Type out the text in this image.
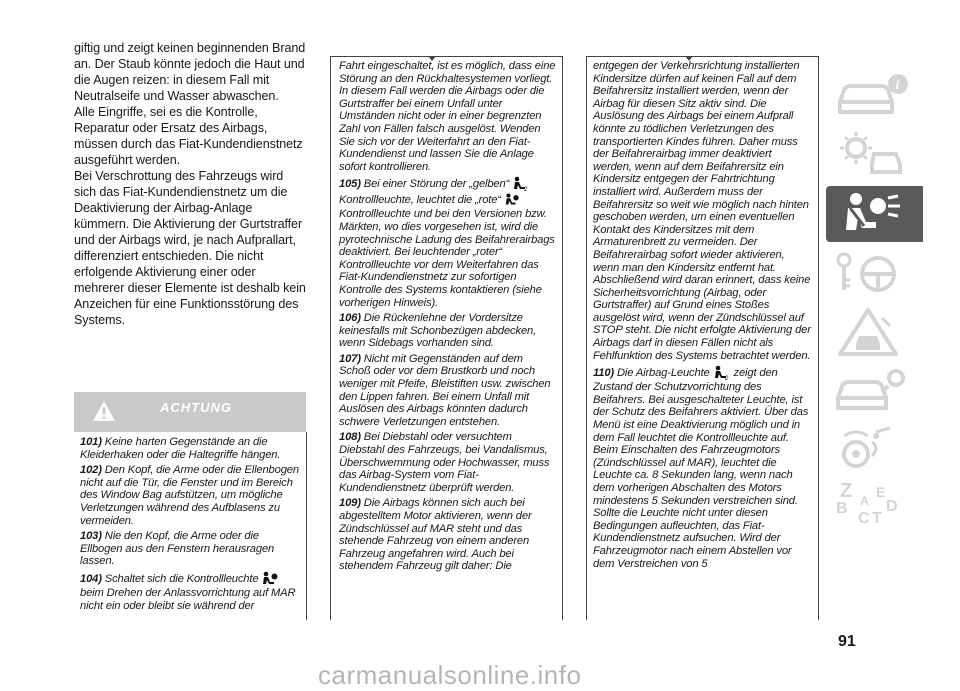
giftig und zeigt keinen beginnenden Brand an. Der Staub könnte jedoch die Haut und die Augen reizen: in diesem Fall mit Neutralseife und Wasser abwaschen.

Alle Eingriffe, sei es die Kontrolle, Reparatur oder Ersatz des Airbags, müssen durch das Fiat-Kundendienstnetz ausgeführt werden.

Bei Verschrottung des Fahrzeugs wird sich das Fiat-Kundendienstnetz um die Deaktivierung der Airbag-Anlage kümmern. Die Aktivierung der Gurtstraffer und der Airbags wird, je nach Aufprallart, differenziert entschieden. Die nicht erfolgende Aktivierung einer oder mehrerer dieser Elemente ist deshalb kein Anzeichen für eine Funktionsstörung des Systems.

ACHTUNG

101) Keine harten Gegenstände an die Kleiderhaken oder die Haltegriffe hängen.

102) Den Kopf, die Arme oder die Ellenbogen nicht auf die Tür, die Fenster und im Bereich des Window Bag aufstützen, um mögliche Verletzungen während des Aufblasens zu vermeiden.

103) Nie den Kopf, die Arme oder die Ellbogen aus den Fenstern herausragen lassen.

104) Schaltet sich die Kontrollleuchte  beim Drehen der Anlassvorrichtung auf MAR nicht ein oder bleibt sie während der

Fahrt eingeschaltet, ist es möglich, dass eine Störung an den Rückhaltesystemen vorliegt. In diesem Fall werden die Airbags oder die Gurtstraffer bei einem Unfall unter Umständen nicht oder in einer begrenzten Zahl von Fällen falsch ausgelöst. Wenden Sie sich vor der Weiterfahrt an den Fiat-Kundendienst und lassen Sie die Anlage sofort kontrollieren.

105) Bei einer Störung der „gelben“
2

Kontrollleuchte, leuchtet die „rote“  Kontrollleuchte und bei den Versionen bzw. Märkten, wo dies vorgesehen ist, wird die pyrotechnische Ladung des Beifahrerairbags deaktiviert. Bei leuchtender „roter“ Kontrollleuchte vor dem Weiterfahren das Fiat-Kundendienstnetz zur sofortigen Kontrolle des Systems kontaktieren (siehe vorherigen Hinweis).

106) Die Rückenlehne der Vordersitze keinesfalls mit Schonbezügen abdecken, wenn Sidebags vorhanden sind.

107) Nicht mit Gegenständen auf dem Schoß oder vor dem Brustkorb und noch weniger mit Pfeife, Bleistiften usw. zwischen den Lippen fahren. Bei einem Unfall mit Auslösen des Airbags könnten dadurch schwere Verletzungen entstehen.

108) Bei Diebstahl oder versuchtem Diebstahl des Fahrzeugs, bei Vandalismus, Überschwemmung oder Hochwasser, muss das Airbag-System vom Fiat-Kundendienstnetz überprüft werden.

109) Die Airbags können sich auch bei abgestelltem Motor aktivieren, wenn der Zündschlüssel auf MAR steht und das stehende Fahrzeug von einem anderen Fahrzeug angefahren wird. Auch bei stehendem Fahrzeug gilt daher: Die

entgegen der Verkehrsrichtung installierten Kindersitze dürfen auf keinen Fall auf dem Beifahrersitz installiert werden, wenn der Airbag für diesen Sitz aktiv sind. Die Auslösung des Airbags bei einem Aufprall könnte zu tödlichen Verletzungen des transportierten Kindes führen. Daher muss der Beifahrerairbag immer deaktiviert werden, wenn auf dem Beifahrersitz ein Kindersitz entgegen der Fahrtrichtung installiert wird. Außerdem muss der Beifahrersitz so weit wie möglich nach hinten geschoben werden, um einen eventuellen Kontakt des Kindersitzes mit dem Armaturenbrett zu vermeiden. Der Beifahrerairbag sofort wieder aktivieren, wenn man den Kindersitz entfernt hat. Abschließend wird daran erinnert, dass keine Sicherheitsvorrichtung (Airbag, oder Gurtstraffer) auf Grund eines Stoßes ausgelöst wird, wenn der Zündschlüssel auf STOP steht. Die nicht erfolgte Aktivierung der Airbags darf in diesen Fällen nicht als Fehlfunktion des Systems betrachtet werden.

110) Die Airbag-Leuchte
2
zeigt den Zustand der Schutzvorrichtung des Beifahrers. Bei ausgeschalteter Leuchte, ist der Schutz des Beifahrers aktiviert. Über das Menü ist eine Deaktivierung möglich und in dem Fall leuchtet die Kontrollleuchte auf. Beim Einschalten des Fahrzeugmotors (Zündschlüssel auf MAR), leuchtet die Leuchte ca. 8 Sekunden lang, wenn nach dem vorherigen Abschalten des Motors mindestens 5 Sekunden verstreichen sind. Sollte die Leuchte nicht unter diesen Bedingungen aufleuchten, das Fiat-Kundendienstnetz aufsuchen. Wird der Fahrzeugmotor nach einem Abstellen vor dem Verstreichen von 5

i
Z E
B
C T
D
A
91
carmanualsonline.info
